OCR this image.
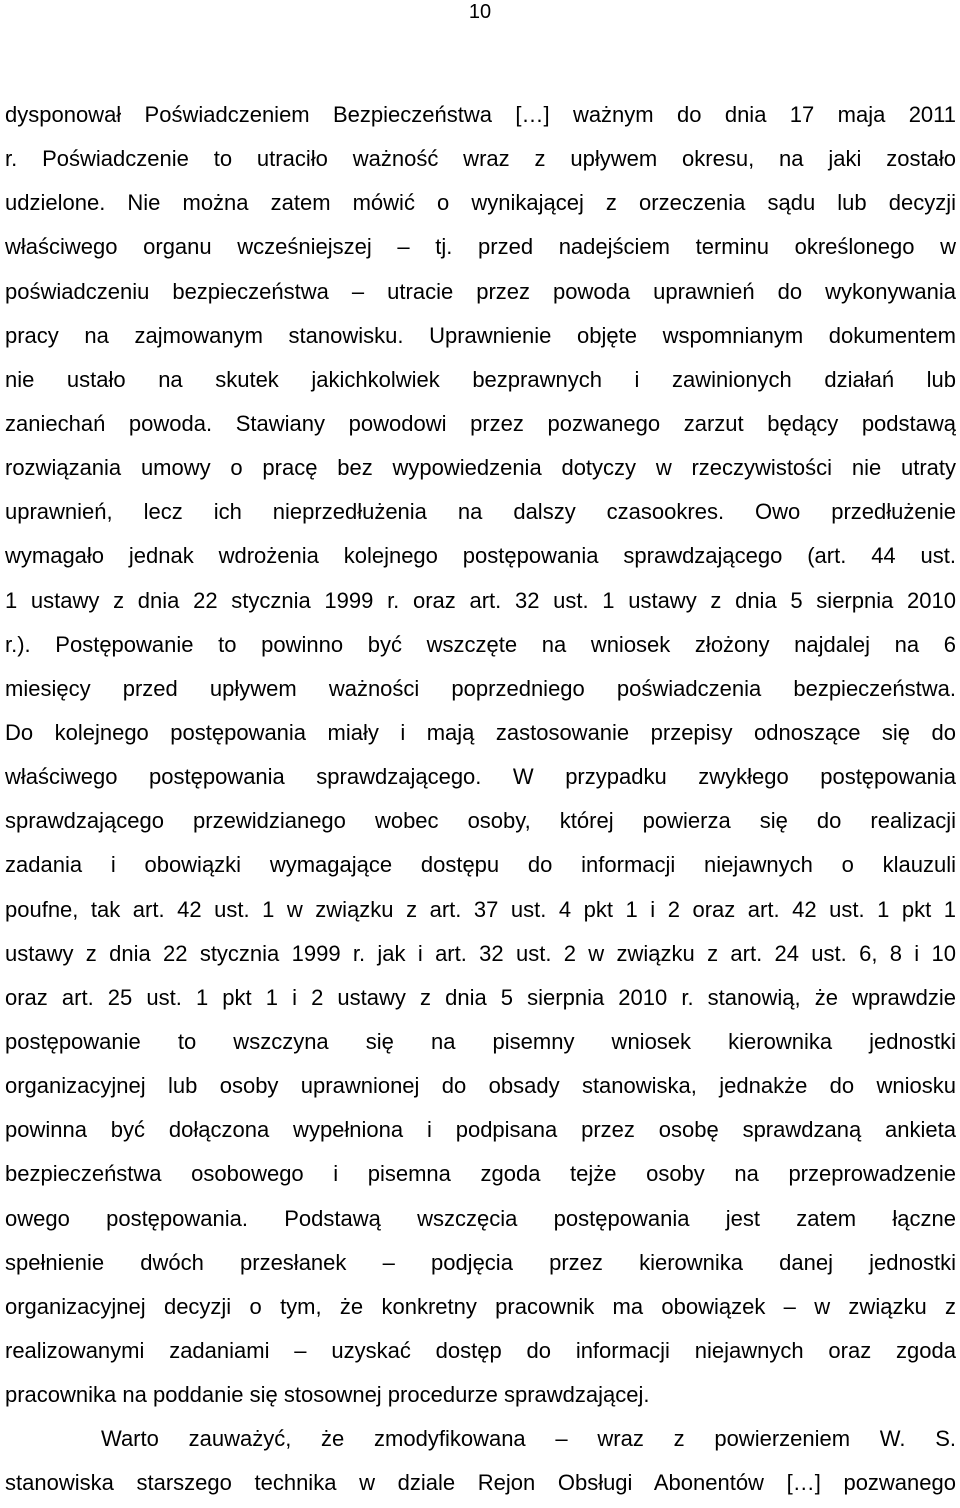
10
dysponował Poświadczeniem Bezpieczeństwa […] ważnym do dnia 17 maja 2011
r. Poświadczenie to utraciło ważność wraz z upływem okresu, na jaki zostało
udzielone. Nie można zatem mówić o wynikającej z orzeczenia sądu lub decyzji
właściwego organu wcześniejszej – tj. przed nadejściem terminu określonego w
poświadczeniu bezpieczeństwa – utracie przez powoda uprawnień do wykonywania
pracy na zajmowanym stanowisku. Uprawnienie objęte wspomnianym dokumentem
nie ustało na skutek jakichkolwiek bezprawnych i zawinionych działań lub
zaniechań powoda. Stawiany powodowi przez pozwanego zarzut będący podstawą
rozwiązania umowy o pracę bez wypowiedzenia dotyczy w rzeczywistości nie utraty
uprawnień, lecz ich nieprzedłużenia na dalszy czasookres. Owo przedłużenie
wymagało jednak wdrożenia kolejnego postępowania sprawdzającego (art. 44 ust.
1 ustawy z dnia 22 stycznia 1999 r. oraz art. 32 ust. 1 ustawy z dnia 5 sierpnia 2010
r.). Postępowanie to powinno być wszczęte na wniosek złożony najdalej na 6
miesięcy przed upływem ważności poprzedniego poświadczenia bezpieczeństwa.
Do kolejnego postępowania miały i mają zastosowanie przepisy odnoszące się do
właściwego postępowania sprawdzającego. W przypadku zwykłego postępowania
sprawdzającego przewidzianego wobec osoby, której powierza się do realizacji
zadania i obowiązki wymagające dostępu do informacji niejawnych o klauzuli
poufne, tak art. 42 ust. 1 w związku z art. 37 ust. 4 pkt 1 i 2 oraz art. 42 ust. 1 pkt 1
ustawy z dnia 22 stycznia 1999 r. jak i art. 32 ust. 2 w związku z art. 24 ust. 6, 8 i 10
oraz art. 25 ust. 1 pkt 1 i 2 ustawy z dnia 5 sierpnia 2010 r. stanowią, że wprawdzie
postępowanie to wszczyna się na pisemny wniosek kierownika jednostki
organizacyjnej lub osoby uprawnionej do obsady stanowiska, jednakże do wniosku
powinna być dołączona wypełniona i podpisana przez osobę sprawdzaną ankieta
bezpieczeństwa osobowego i pisemna zgoda tejże osoby na przeprowadzenie
owego postępowania. Podstawą wszczęcia postępowania jest zatem łączne
spełnienie dwóch przesłanek – podjęcia przez kierownika danej jednostki
organizacyjnej decyzji o tym, że konkretny pracownik ma obowiązek – w związku z
realizowanymi zadaniami – uzyskać dostęp do informacji niejawnych oraz zgoda
pracownika na poddanie się stosownej procedurze sprawdzającej.
Warto zauważyć, że zmodyfikowana – wraz z powierzeniem W. S.
stanowiska starszego technika w dziale Rejon Obsługi Abonentów […] pozwanego
